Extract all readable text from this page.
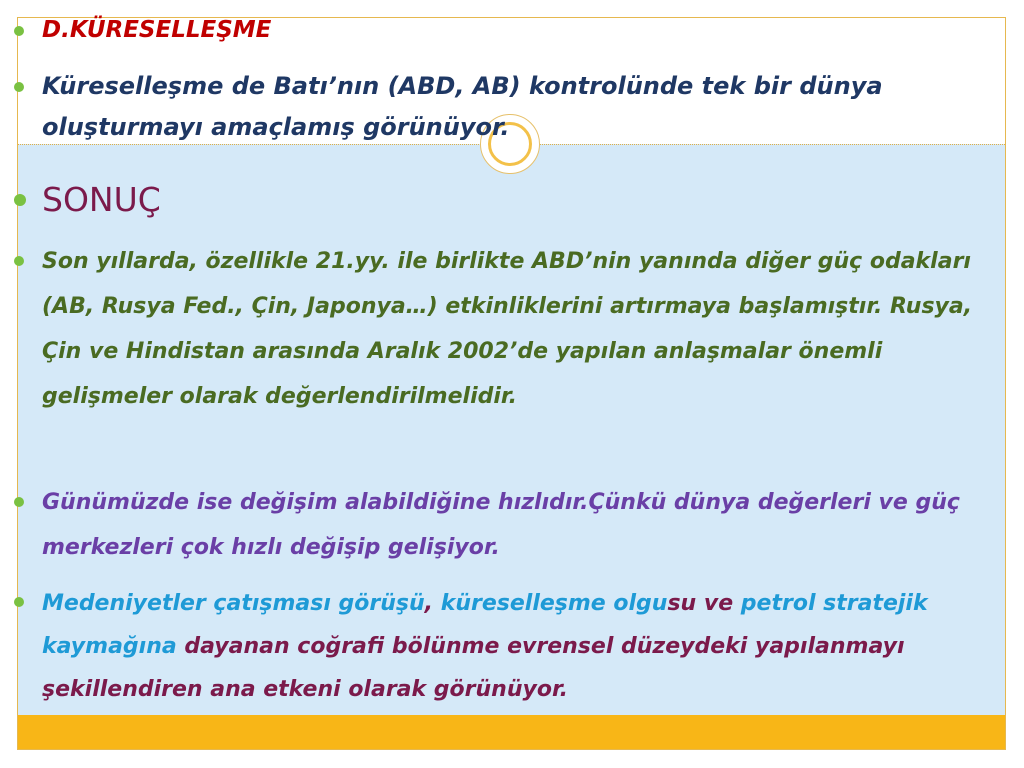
D.KÜRESELLEŞME

Küreselleşme de Batı’nın (ABD, AB) kontrolünde tek bir dünya oluşturmayı amaçlamış görünüyor.

SONUÇ

Son yıllarda, özellikle 21.yy. ile birlikte ABD’nin yanında diğer güç odakları (AB, Rusya Fed., Çin, Japonya…) etkinliklerini artırmaya başlamıştır. Rusya, Çin ve Hindistan arasında Aralık 2002’de yapılan anlaşmalar önemli gelişmeler olarak değerlendirilmelidir.

Günümüzde ise değişim alabildiğine hızlıdır.Çünkü dünya değerleri ve güç merkezleri çok hızlı değişip gelişiyor.

Medeniyetler çatışması görüşü, küreselleşme olgusu ve petrol stratejik kaymağına dayanan coğrafi bölünme evrensel düzeydeki yapılanmayı şekillendiren ana etkeni olarak görünüyor.
